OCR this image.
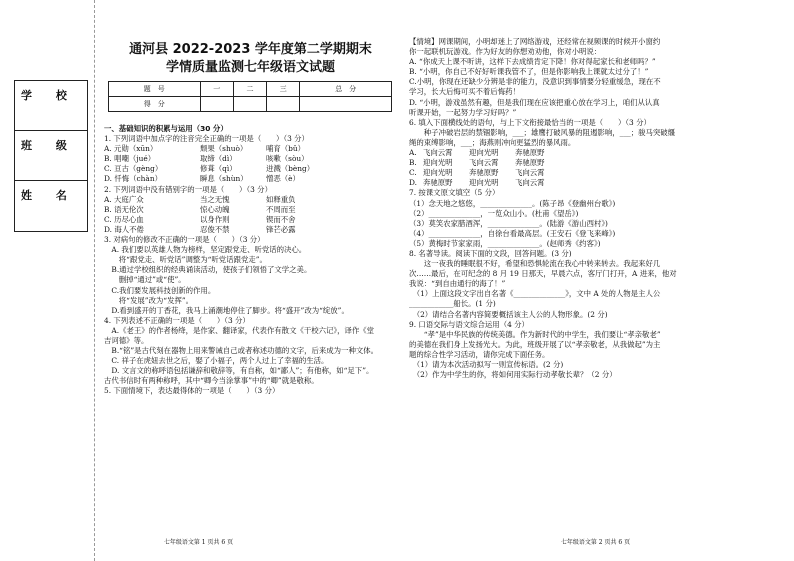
学 校
班 级
姓 名
通河县 2022-2023 学年度第二学期期末
学情质量监测七年级语文试题
题　号	一	二	三	总　分
得　分				
一、基础知识的积累与运用（30 分）
1. 下列词语中加点字的注音完全正确的一项是（　　）（3 分）
A. 元勋（xūn）	颓果（shuò）	哺育（bǔ）
B. 唱嘲（jué）	取缔（dì）	咳嗽（sòu）
C. 亘古（gèng）	修葺（qì）	迸溅（bèng）
D. 忏悔（chàn）	瞬息（shùn）	憎恶（è）
2. 下列词语中没有错别字的一项是（　　）（3 分）
A. 大庭广众	当之无愧	如释重负
B. 语无伦次	惊心动魄	不周而至
C. 历尽心血	以身作则	锲而不舍
D. 诲人不倦	忍俊不禁	锋芒必露
3. 对病句的修改不正确的一项是（　　）（3 分）
　A. 我们要以英雄人物为榜样，坚定跟党走、听党话的决心。
　　将“跟党走、听党话”调整为“听党话跟党走”。
　B.通过学校组织的经典诵读活动，使孩子们领悟了文学之美。
　　删掉“通过”或“使”。
　C.我们要发展科技创新的作用。
　　将“发展”改为“发挥”。
　D.看到盛开的丁香花，我马上涌潮地停住了脚步。将“盛开”改为“绽放”。
4. 下列表述不正确的一项是（　　）（3 分）
　A.《老王》的作者杨绛，是作家、翻译家，代表作有散文《干校六记》，译作《堂
吉诃德》等。
　B.“铭”是古代刻在器物上用来警诫自己或者称述功德的文字，后来成为一种文体。
　C. 祥子在虎妞去世之后，娶了小福子，两个人过上了幸福的生活。
　D. 文言文的称呼语包括谦辞和敬辞等，有自称，如“鄙人”；有他称，如“足下”。
古代书信时有两种称呼，其中“卿今当涂掌事”中的“卿”就是敬称。
5. 下面情境下，表达最得体的一项是（　　）（3 分）
七年级语文第 1 页共 6 页
【情境】网课期间，小明却迷上了网络游戏，还经常在视频课的时候开小窗约
你一起联机玩游戏。作为好友的你想劝劝他，你对小明说：
A. “你成天上课不听讲，这样下去成绩肯定下降！你对得起家长和老师吗？”
B. “小明，你自己不好好听课我管不了，但是你影响我上课就太过分了！”
C.小明，你现在还缺少分辨是非的能力，没意识到事情要分轻重缓急，现在不
学习，长大后悔可买不着后悔药！
D. “小明，游戏虽然有趣，但是我们现在应该把重心放在学习上，咱们从认真
听课开始，一起努力学习好吗？”
6. 填入下面横线处的语句，与上下文衔接最恰当的一项是（　　）（3 分）
　　种子冲破岩层的禁锢影响，___；雄鹰打破风暴的阻遏影响，___；骏马突破缰
绳的束缚影响，___；海燕则冲向更猛烈的暴风雨。
A. 飞向云霄	迎向光明	奔驰原野
B. 迎向光明	飞向云霄	奔驰原野
C. 迎向光明	奔驰原野	飞向云霄
D. 奔驰原野	迎向光明	飞向云霄
7. 按课文原文填空（5 分）
（1）念天地之悠悠，______________。(陈子昂《登幽州台歌》)
（2）______________，一览众山小。(杜甫《望岳》)
（3）莫笑农家腊酒浑，______________。(陆游《游山西村》)
（4）______________，自徐台看最高层。(王安石《登飞来峰》)
（5）黄梅时节家家雨，______________。(赵师秀《约客》)
8. 名著导读。阅读下面的文段，回答问题。(3 分)
　　这一夜我的睡眠很不好，希望和恐惧轮流在我心中转来转去。我起来好几
次……最后，在可纪念的 8 月 19 日那天，早晨六点，客厅门打开，A 进来，他对
我说：“到自由通行的海了！”
　（1）上面这段文字出自名著《______________》，文中 A 处的人物是主人公
____________船长。(1 分)
　（2）请结合名著内容简要概括该主人公的人物形象。(2 分)
9. 口语交际与语文综合运用（4 分）
　　“孝”是中华民族的传统美德。作为新时代的中学生，我们要让“孝亲敬老”
的美德在我们身上发扬光大。为此，班级开展了以“孝亲敬老，从我做起”为主
题的综合性学习活动，请你完成下面任务。
　（1）请为本次活动拟写一则宣传标语。(2 分)
　（2）作为中学生的你，将如何用实际行动孝敬长辈？（2 分）
七年级语文第 2 页共 6 页
